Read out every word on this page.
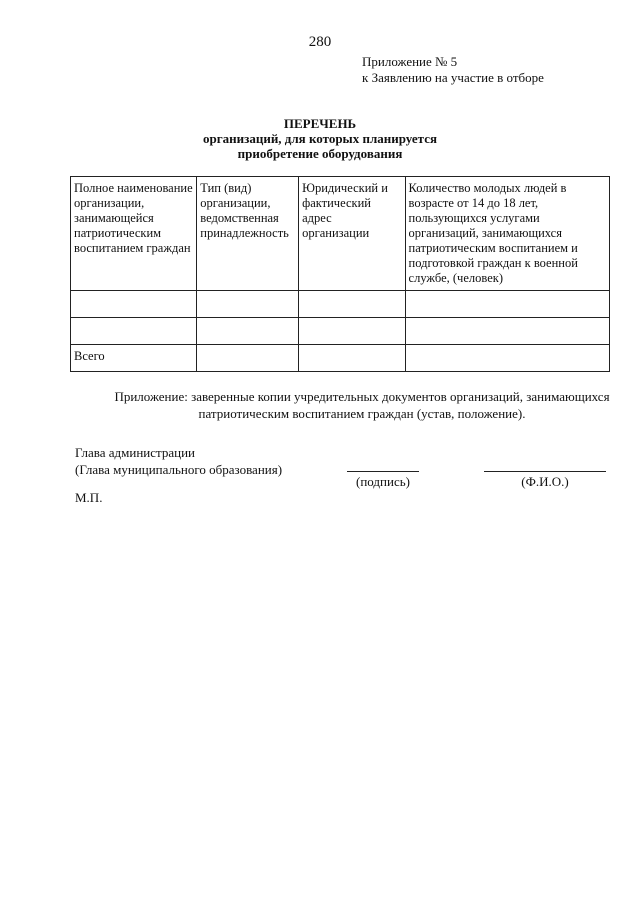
280
Приложение № 5
к Заявлению на участие в отборе
ПЕРЕЧЕНЬ
организаций, для которых планируется
приобретение оборудования
Полное наименование организации, занимающейся патриотическим воспитанием граждан	Тип (вид) организации, ведомственная принадлежность	Юридический и фактический адрес организации	Количество молодых людей в возрасте от 14 до 18 лет, пользующихся услугами организаций, занимающихся патриотическим воспитанием и подготовкой граждан к военной службе, (человек)

Всего			
Приложение: заверенные копии учредительных документов организаций, занимающихся
патриотическим воспитанием граждан (устав, положение).
Глава администрации
(Глава муниципального образования)
(подпись)	(Ф.И.О.)
М.П.
